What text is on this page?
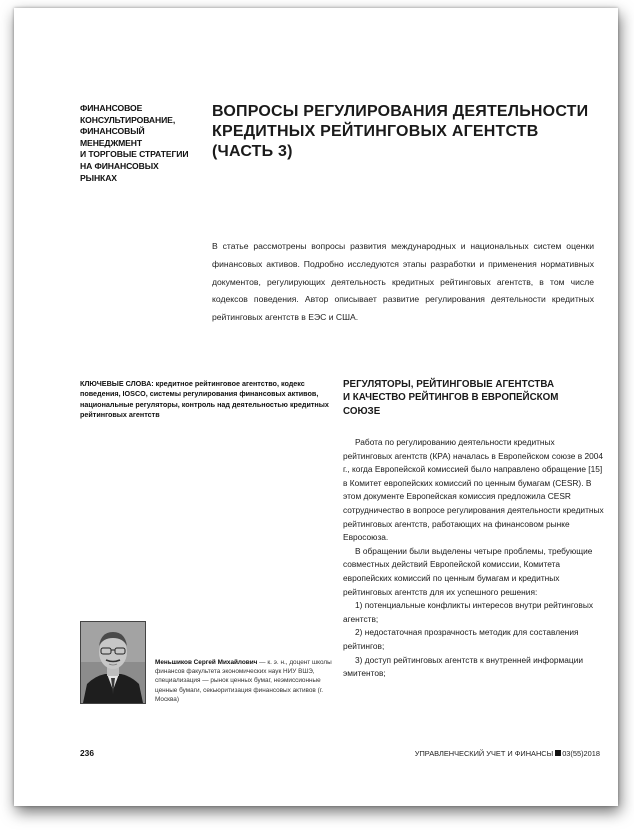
ФИНАНСОВОЕ
КОНСУЛЬТИРОВАНИЕ,
ФИНАНСОВЫЙ
МЕНЕДЖМЕНТ
И ТОРГОВЫЕ СТРАТЕГИИ
НА ФИНАНСОВЫХ
РЫНКАХ
ВОПРОСЫ РЕГУЛИРОВАНИЯ ДЕЯТЕЛЬНОСТИ
КРЕДИТНЫХ РЕЙТИНГОВЫХ АГЕНТСТВ
(ЧАСТЬ 3)
В статье рассмотрены вопросы развития международных и национальных систем оценки финансовых активов. Подробно исследуются этапы разработки и применения нормативных документов, регулирующих деятельность кредитных рейтинговых агентств, в том числе кодексов поведения. Автор описывает развитие регулирования деятельности кредитных рейтинговых агентств в ЕЭС и США.
КЛЮЧЕВЫЕ СЛОВА: кредитное рейтинговое агентство, кодекс поведения, IOSCO, системы регулирования финансовых активов, национальные регуляторы, контроль над деятельностью кредитных рейтинговых агентств
РЕГУЛЯТОРЫ, РЕЙТИНГОВЫЕ АГЕНТСТВА
И КАЧЕСТВО РЕЙТИНГОВ В ЕВРОПЕЙСКОМ
СОЮЗЕ

Работа по регулированию деятельности кредитных рейтинговых агентств (КРА) началась в Европейском союзе в 2004 г., когда Европейской комиссией было направлено обращение [15] в Комитет европейских комиссий по ценным бумагам (CESR). В этом документе Европейская комиссия предложила CESR сотрудничество в вопросе регулирования деятельности кредитных рейтинговых агентств, работающих на финансовом рынке Евросоюза.

В обращении были выделены четыре проблемы, требующие совместных действий Европейской комиссии, Комитета европейских комиссий по ценным бумагам и кредитных рейтинговых агентств для их успешного решения:

1) потенциальные конфликты интересов внутри рейтинговых агентств;

2) недостаточная прозрачность методик для составления рейтингов;

3) доступ рейтинговых агентств к внутренней информации эмитентов;

Меньшиков Сергей Михайлович — к. э. н., доцент школы финансов факультета экономических наук НИУ ВШЭ, специализация — рынок ценных бумаг, неэмиссионные ценные бумаги, секьюритизация финансовых активов (г. Москва)
236	УПРАВЛЕНЧЕСКИЙ УЧЕТ И ФИНАНСЫ 03(55)2018
